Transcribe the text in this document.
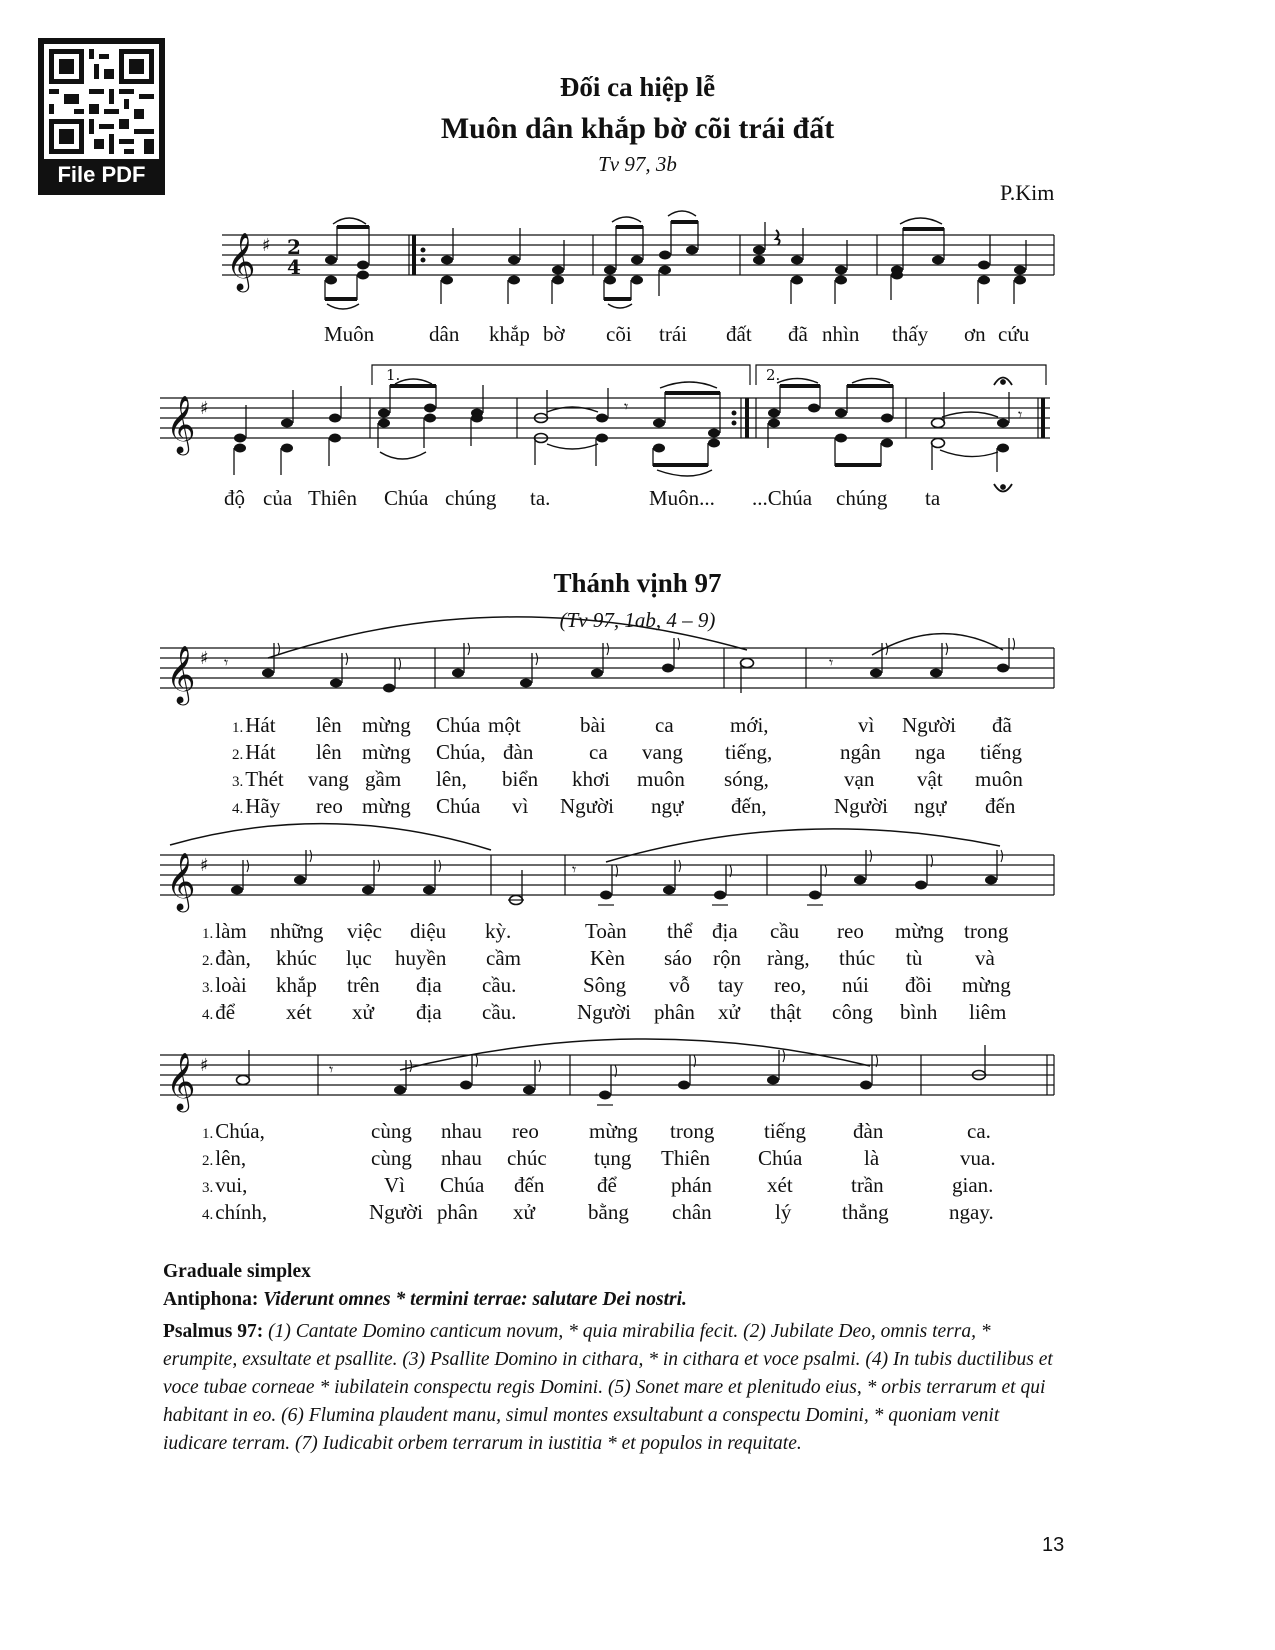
File PDF
Đối ca hiệp lễ
Muôn dân khắp bờ cõi trái đất
Tv 97, 3b
P.Kim
𝄞 ♯ 2
4
Muôn	dân khắp bờ cõi trái đất đã nhìn thấy ơn cứu
𝄞 ♯
1.	2.
𝄾	𝄾
độ của Thiên Chúa chúng ta.	Muôn... ...Chúa chúng ta
Thánh vịnh 97
(Tv 97, 1ab, 4 – 9)
𝄞 ♯ 𝄾	𝄾
1.Hát lên mừng Chúa một	bài ca	mới,	vì Người đã
2.Hát lên mừng Chúa, đàn	ca vang tiếng,	ngân nga tiếng
3.Thét vang gầm lên, biển khơi muôn sóng,	vạn vật muôn
4.Hãy reo mừng Chúa vì Người ngự đến,	Người ngự đến
𝄞 ♯	𝄾
1.làm những việc diệu kỳ.	Toàn thể địa cầu reo mừng trong
2.đàn, khúc lục huyền cầm	Kèn sáo rộn ràng, thúc tù	và
3.loài khắp trên địa cầu.	Sông vỗ tay reo, núi đồi mừng
4.để xét xử địa cầu.	Người phân xử thật công bình liêm
𝄞 ♯	𝄾
1.Chúa,	cùng nhau reo mừng trong tiếng đàn	ca.
2.lên,	cùng nhau chúc tụng Thiên Chúa	là	vua.
3.vui,	Vì Chúa đến	để	phán	xét	trần	gian.
4.chính,	Người phân xử	bằng chân	lý thẳng	ngay.
Graduale simplex
Antiphona: Viderunt omnes * termini terrae: salutare Dei nostri.
Psalmus 97: (1) Cantate Domino canticum novum, * quia mirabilia fecit. (2) Jubilate Deo, omnis terra, * erumpite, exsultate et psallite. (3) Psallite Domino in cithara, * in cithara et voce psalmi. (4) In tubis ductilibus et voce tubae corneae * iubilatein conspectu regis Domini. (5) Sonet mare et plenitudo eius, * orbis terrarum et qui habitant in eo. (6) Flumina plaudent manu, simul montes exsultabunt a conspectu Domini, * quoniam venit iudicare terram. (7) Iudicabit orbem terrarum in iustitia * et populos in requitate.
13
